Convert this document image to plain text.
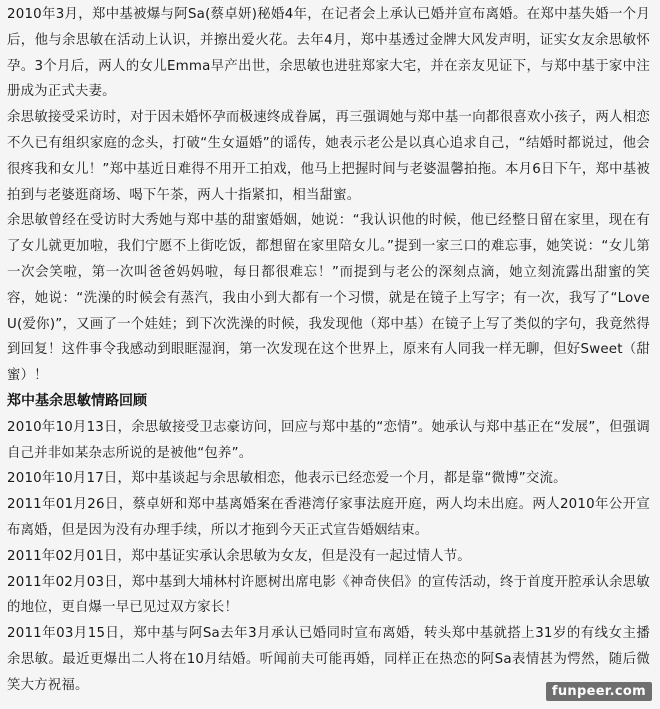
2010年3月，郑中基被爆与阿Sa(蔡卓妍)秘婚4年，在记者会上承认已婚并宣布离婚。在郑中基失婚一个月后，他与余思敏在活动上认识，并擦出爱火花。去年4月，郑中基透过金牌大风发声明，证实女友余思敏怀孕。3个月后，两人的女儿Emma早产出世，余思敏也进驻郑家大宅，并在亲友见证下，与郑中基于家中注册成为正式夫妻。

余思敏接受采访时，对于因未婚怀孕而极速终成眷属，再三强调她与郑中基一向都很喜欢小孩子，两人相恋不久已有组织家庭的念头，打破“生女逼婚”的谣传，她表示老公是以真心追求自己，“结婚时都说过，他会很疼我和女儿！”郑中基近日难得不用开工拍戏，他马上把握时间与老婆温馨拍拖。本月6日下午，郑中基被拍到与老婆逛商场、喝下午茶，两人十指紧扣，相当甜蜜。

余思敏曾经在受访时大秀她与郑中基的甜蜜婚姻，她说：“我认识他的时候，他已经整日留在家里，现在有了女儿就更加啦，我们宁愿不上街吃饭，都想留在家里陪女儿。”提到一家三口的难忘事，她笑说：“女儿第一次会笑啦，第一次叫爸爸妈妈啦，每日都很难忘！”而提到与老公的深刻点滴，她立刻流露出甜蜜的笑容，她说：“洗澡的时候会有蒸汽，我由小到大都有一个习惯，就是在镜子上写字；有一次，我写了“Love U(爱你)”，又画了一个娃娃；到下次洗澡的时候，我发现他（郑中基）在镜子上写了类似的字句，我竟然得到回复！这件事令我感动到眼眶湿润，第一次发现在这个世界上，原来有人同我一样无聊，但好Sweet（甜蜜）！

郑中基余思敏情路回顾

2010年10月13日，余思敏接受卫志豪访问，回应与郑中基的“恋情”。她承认与郑中基正在“发展”，但强调自己并非如某杂志所说的是被他“包养”。

2010年10月17日，郑中基谈起与余思敏相恋，他表示已经恋爱一个月，都是靠“微博”交流。

2011年01月26日，蔡卓妍和郑中基离婚案在香港湾仔家事法庭开庭，两人均未出庭。两人2010年公开宣布离婚，但是因为没有办理手续，所以才拖到今天正式宣告婚姻结束。

2011年02月01日，郑中基证实承认余思敏为女友，但是没有一起过情人节。

2011年02月03日，郑中基到大埔林村许愿树出席电影《神奇侠侣》的宣传活动，终于首度开腔承认余思敏的地位，更自爆一早已见过双方家长！

2011年03月15日，郑中基与阿Sa去年3月承认已婚同时宣布离婚，转头郑中基就搭上31岁的有线女主播余思敏。最近更爆出二人将在10月结婚。听闻前夫可能再婚，同样正在热恋的阿Sa表情甚为愕然，随后微笑大方祝福。	funpeer.com
